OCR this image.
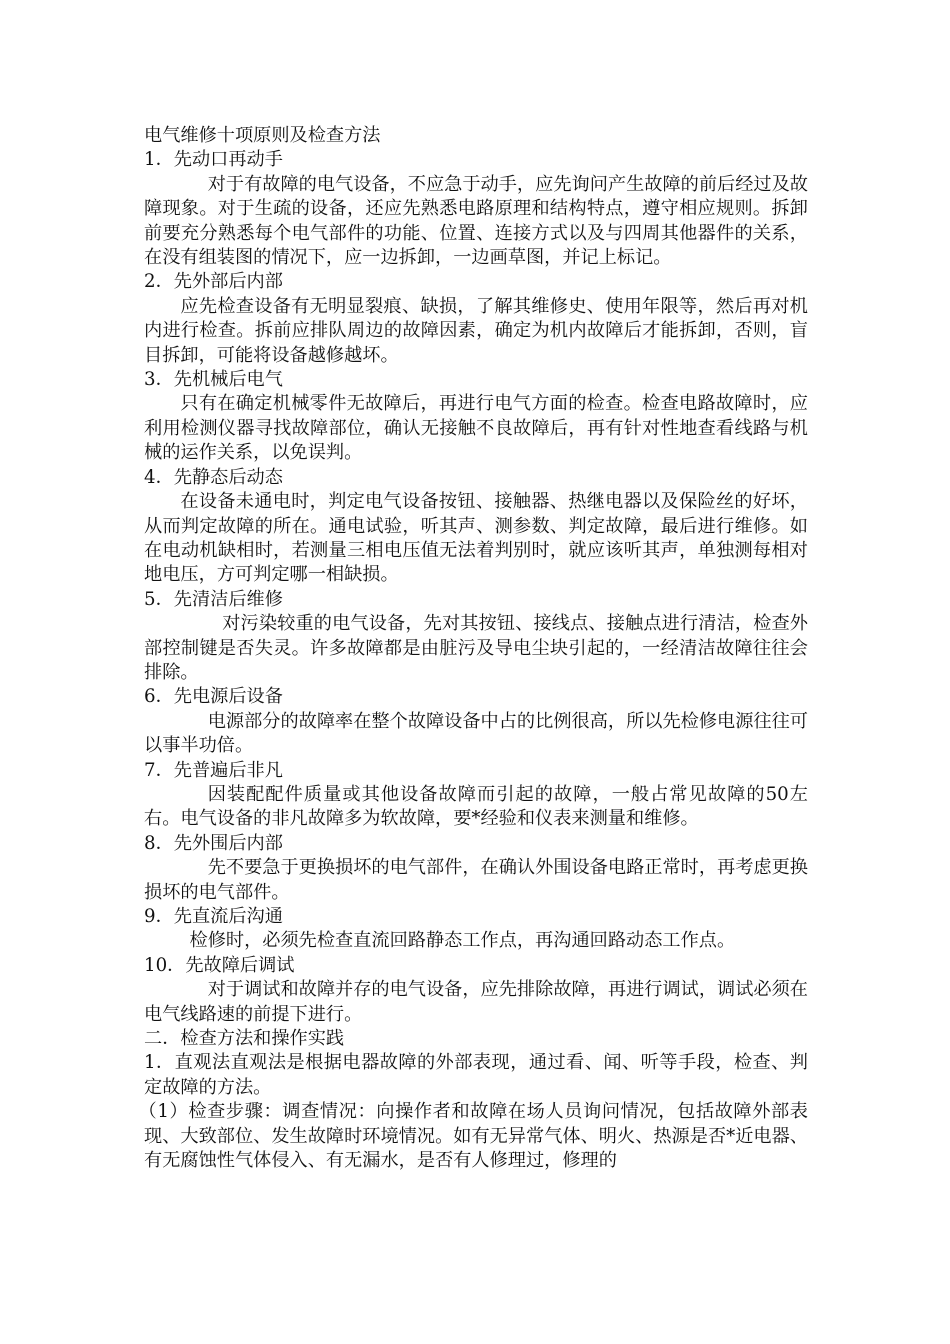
电气维修十项原则及检查方法

1．先动口再动手

对于有故障的电气设备，不应急于动手，应先询问产生故障的前后经过及故障现象。对于生疏的设备，还应先熟悉电路原理和结构特点，遵守相应规则。拆卸前要充分熟悉每个电气部件的功能、位置、连接方式以及与四周其他器件的关系，在没有组装图的情况下，应一边拆卸，一边画草图，并记上标记。

2．先外部后内部

应先检查设备有无明显裂痕、缺损，了解其维修史、使用年限等，然后再对机内进行检查。拆前应排队周边的故障因素，确定为机内故障后才能拆卸，否则，盲目拆卸，可能将设备越修越坏。

3．先机械后电气

只有在确定机械零件无故障后，再进行电气方面的检查。检查电路故障时，应利用检测仪器寻找故障部位，确认无接触不良故障后，再有针对性地查看线路与机械的运作关系，以免误判。

4．先静态后动态

在设备未通电时，判定电气设备按钮、接触器、热继电器以及保险丝的好坏，从而判定故障的所在。通电试验，听其声、测参数、判定故障，最后进行维修。如在电动机缺相时，若测量三相电压值无法着判别时，就应该听其声，单独测每相对地电压，方可判定哪一相缺损。

5．先清洁后维修

对污染较重的电气设备，先对其按钮、接线点、接触点进行清洁，检查外部控制键是否失灵。许多故障都是由脏污及导电尘块引起的，一经清洁故障往往会排除。

6．先电源后设备

电源部分的故障率在整个故障设备中占的比例很高，所以先检修电源往往可以事半功倍。

7．先普遍后非凡

因装配配件质量或其他设备故障而引起的故障，一般占常见故障的50左右。电气设备的非凡故障多为软故障，要*经验和仪表来测量和维修。

8．先外围后内部

先不要急于更换损坏的电气部件，在确认外围设备电路正常时，再考虑更换损坏的电气部件。

9．先直流后沟通

检修时，必须先检查直流回路静态工作点，再沟通回路动态工作点。

10．先故障后调试

对于调试和故障并存的电气设备，应先排除故障，再进行调试，调试必须在电气线路速的前提下进行。

二．检查方法和操作实践

1．直观法直观法是根据电器故障的外部表现，通过看、闻、听等手段，检查、判定故障的方法。

（1）检查步骤：调查情况：向操作者和故障在场人员询问情况，包括故障外部表现、大致部位、发生故障时环境情况。如有无异常气体、明火、热源是否*近电器、有无腐蚀性气体侵入、有无漏水，是否有人修理过，修理的
